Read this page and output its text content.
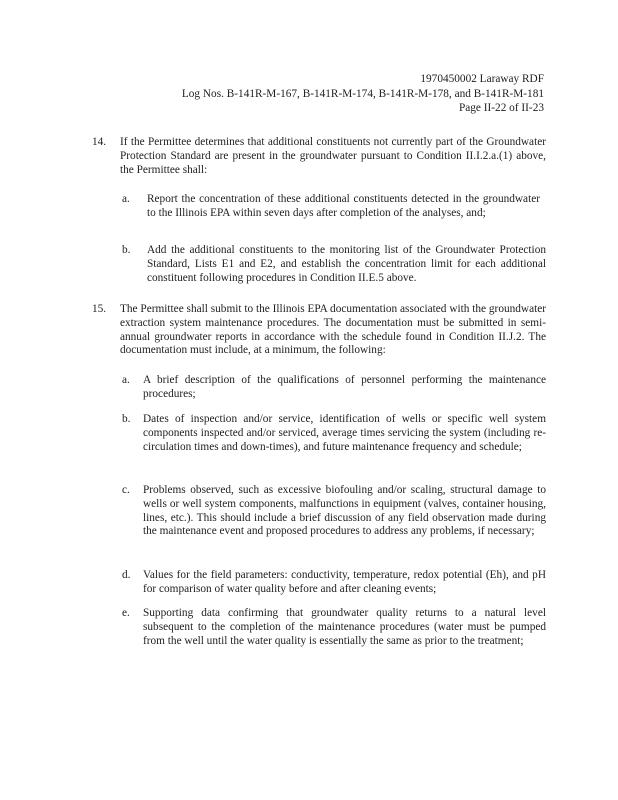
1970450002 Laraway RDF
Log Nos. B-141R-M-167, B-141R-M-174, B-141R-M-178, and B-141R-M-181
Page II-22 of II-23
14. If the Permittee determines that additional constituents not currently part of the Groundwater Protection Standard are present in the groundwater pursuant to Condition II.I.2.a.(1) above, the Permittee shall:
a. Report the concentration of these additional constituents detected in the groundwater to the Illinois EPA within seven days after completion of the analyses, and;
b. Add the additional constituents to the monitoring list of the Groundwater Protection Standard, Lists E1 and E2, and establish the concentration limit for each additional constituent following procedures in Condition II.E.5 above.
15. The Permittee shall submit to the Illinois EPA documentation associated with the groundwater extraction system maintenance procedures. The documentation must be submitted in semi-annual groundwater reports in accordance with the schedule found in Condition II.J.2. The documentation must include, at a minimum, the following:
a. A brief description of the qualifications of personnel performing the maintenance procedures;
b. Dates of inspection and/or service, identification of wells or specific well system components inspected and/or serviced, average times servicing the system (including re-circulation times and down-times), and future maintenance frequency and schedule;
c. Problems observed, such as excessive biofouling and/or scaling, structural damage to wells or well system components, malfunctions in equipment (valves, container housing, lines, etc.). This should include a brief discussion of any field observation made during the maintenance event and proposed procedures to address any problems, if necessary;
d. Values for the field parameters: conductivity, temperature, redox potential (Eh), and pH for comparison of water quality before and after cleaning events;
e. Supporting data confirming that groundwater quality returns to a natural level subsequent to the completion of the maintenance procedures (water must be pumped from the well until the water quality is essentially the same as prior to the treatment;
